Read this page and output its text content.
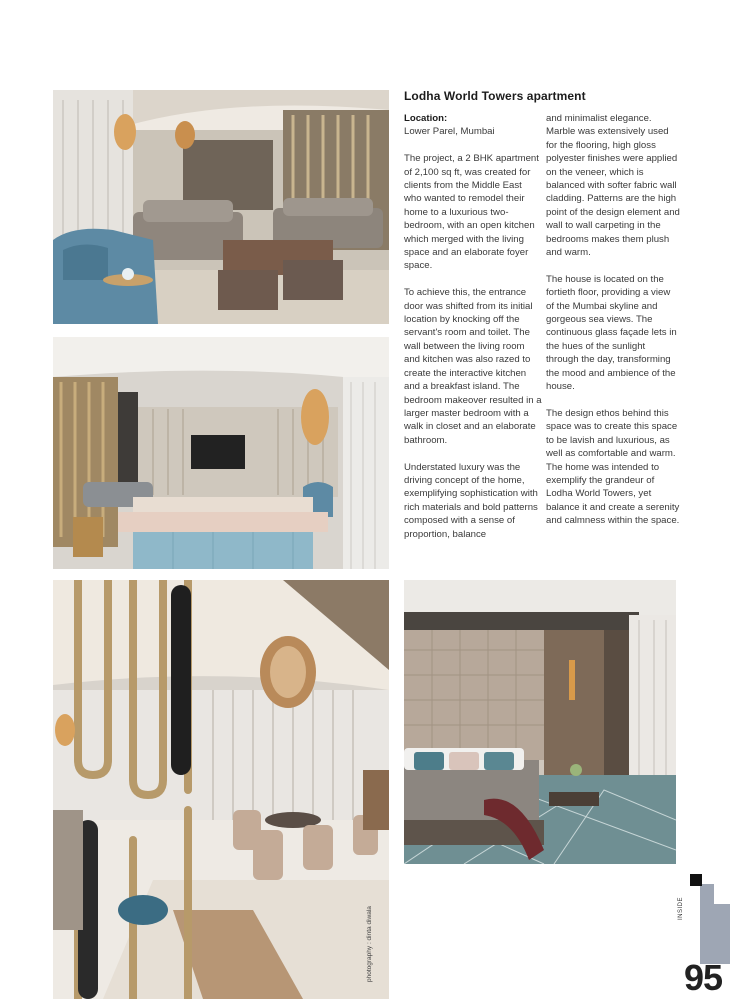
Lodha World Towers apartment
Location:
Lower Parel, Mumbai

The project, a 2 BHK apartment of 2,100 sq ft, was created for clients from the Middle East who wanted to remodel their home to a luxurious two-bedroom, with an open kitchen which merged with the living space and an elaborate foyer space.

To achieve this, the entrance door was shifted from its initial location by knocking off the servant's room and toilet. The wall between the living room and kitchen was also razed to create the interactive kitchen and a breakfast island. The bedroom makeover resulted in a larger master bedroom with a walk in closet and an elaborate bathroom.

Understated luxury was the driving concept of the home, exemplifying sophistication with rich materials and bold patterns composed with a sense of proportion, balance

and minimalist elegance. Marble was extensively used for the flooring, high gloss polyester finishes were applied on the veneer, which is balanced with softer fabric wall cladding. Patterns are the high point of the design element and wall to wall carpeting in the bedrooms makes them plush and warm.

The house is located on the fortieth floor, providing a view of the Mumbai skyline and gorgeous sea views. The continuous glass façade lets in the hues of the sunlight through the day, transforming the mood and ambience of the house.

The design ethos behind this space was to create this space to be lavish and luxurious, as well as comfortable and warm. The home was intended to exemplify the grandeur of Lodha World Towers, yet balance it and create a serenity and calmness within the space.

photography : dinta diwala	INSIDE
95
